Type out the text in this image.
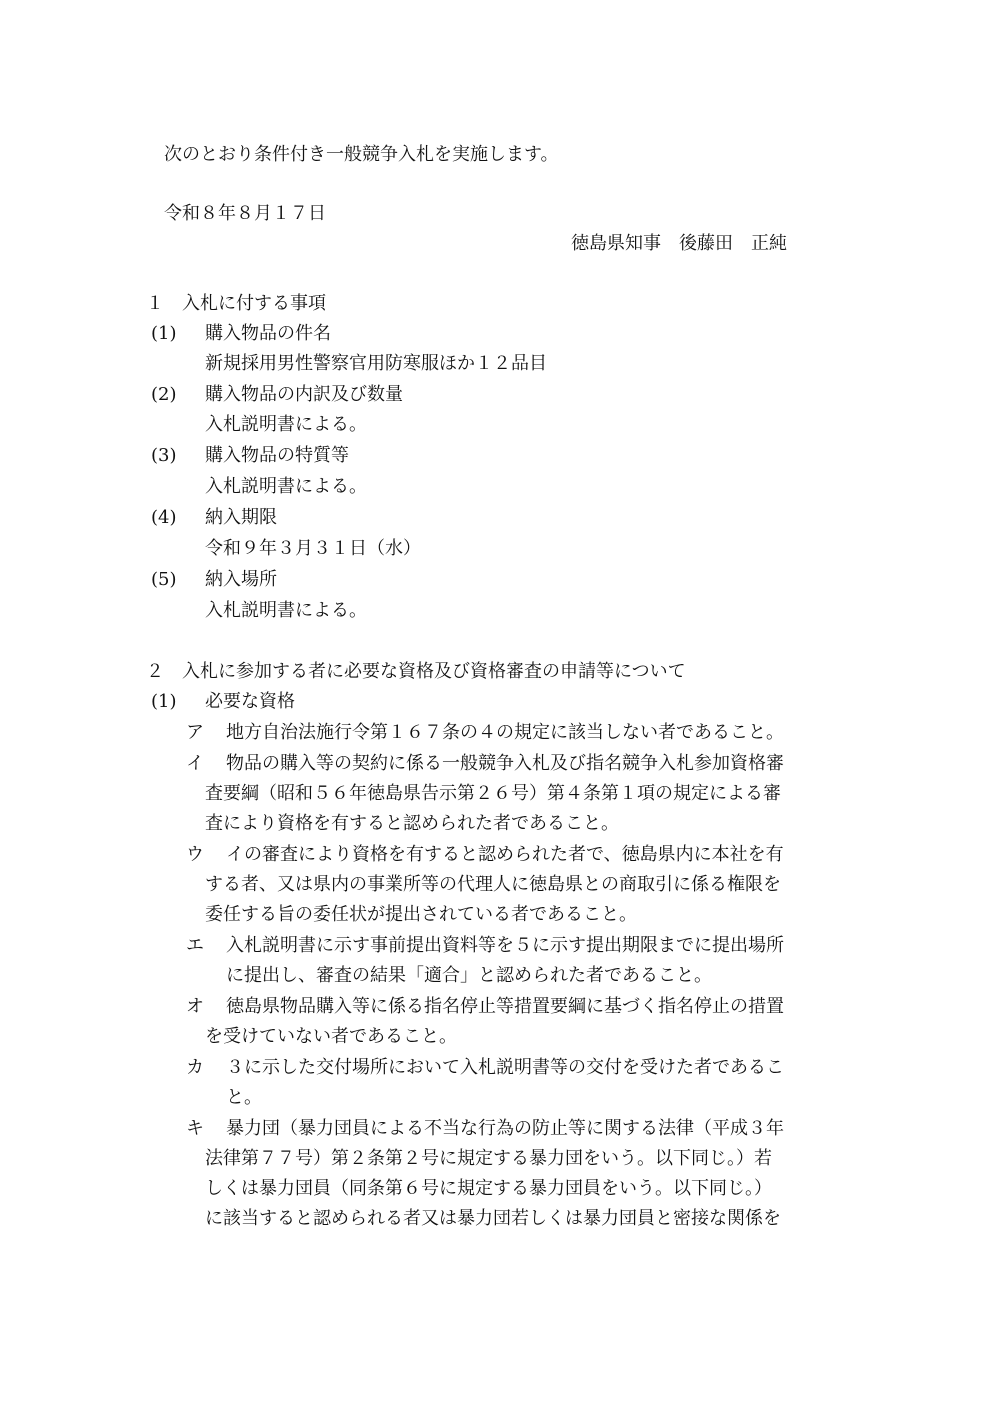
次のとおり条件付き一般競争入札を実施します。
令和８年８月１７日
徳島県知事　後藤田　正純
１　入札に付する事項
(1) 購入物品の件名
新規採用男性警察官用防寒服ほか１２品目
(2) 購入物品の内訳及び数量
入札説明書による。
(3) 購入物品の特質等
入札説明書による。
(4) 納入期限
令和９年３月３１日（水）
(5) 納入場所
入札説明書による。
２　入札に参加する者に必要な資格及び資格審査の申請等について
(1) 必要な資格
ア 地方自治法施行令第１６７条の４の規定に該当しない者であること。
イ 物品の購入等の契約に係る一般競争入札及び指名競争入札参加資格審
査要綱（昭和５６年徳島県告示第２６号）第４条第１項の規定による審
査により資格を有すると認められた者であること。
ウ イの審査により資格を有すると認められた者で、徳島県内に本社を有
する者、又は県内の事業所等の代理人に徳島県との商取引に係る権限を
委任する旨の委任状が提出されている者であること。
エ 入札説明書に示す事前提出資料等を５に示す提出期限までに提出場所
に提出し、審査の結果「適合」と認められた者であること。
オ 徳島県物品購入等に係る指名停止等措置要綱に基づく指名停止の措置
を受けていない者であること。
カ ３に示した交付場所において入札説明書等の交付を受けた者であるこ
と。
キ 暴力団（暴力団員による不当な行為の防止等に関する法律（平成３年
法律第７７号）第２条第２号に規定する暴力団をいう。以下同じ。）若
しくは暴力団員（同条第６号に規定する暴力団員をいう。以下同じ。）
に該当すると認められる者又は暴力団若しくは暴力団員と密接な関係を
